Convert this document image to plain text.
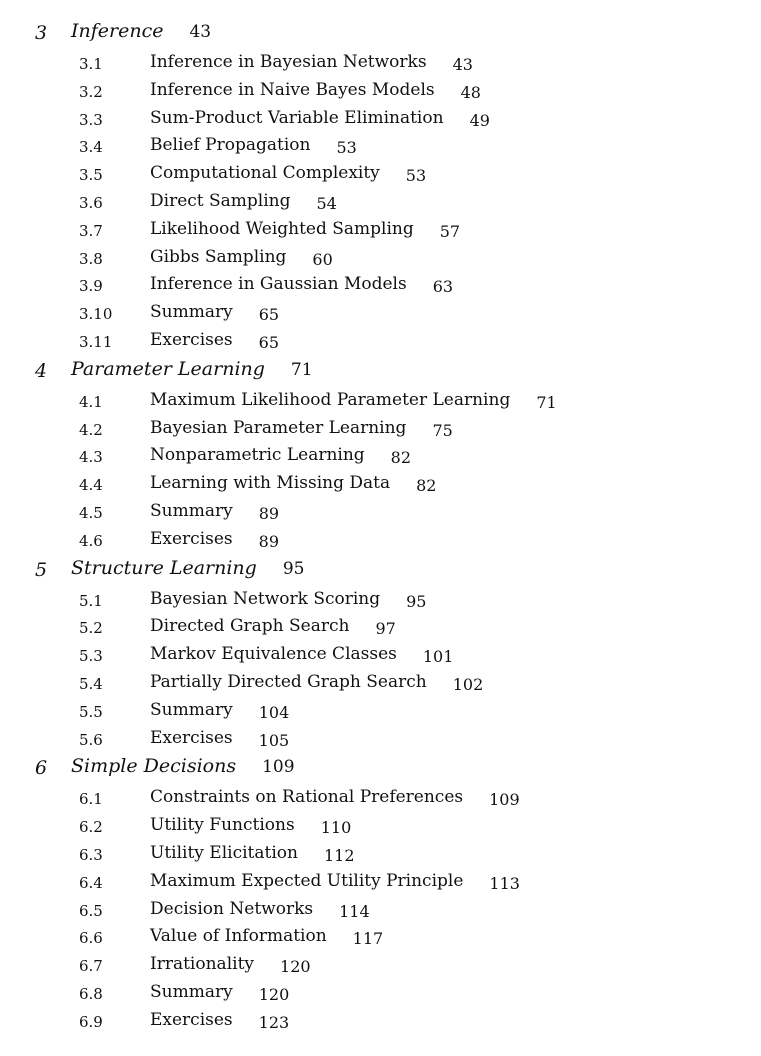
3 Inference 43
3.1	Inference in Bayesian Networks 43
3.2	Inference in Naive Bayes Models 48
3.3	Sum-Product Variable Elimination 49
3.4	Belief Propagation 53
3.5	Computational Complexity 53
3.6	Direct Sampling 54
3.7	Likelihood Weighted Sampling 57
3.8	Gibbs Sampling 60
3.9	Inference in Gaussian Models 63
3.10 Summary 65
3.11 Exercises 65
4 Parameter Learning 71
4.1	Maximum Likelihood Parameter Learning 71
4.2	Bayesian Parameter Learning 75
4.3	Nonparametric Learning 82
4.4	Learning with Missing Data 82
4.5	Summary 89
4.6	Exercises 89
5 Structure Learning 95
5.1	Bayesian Network Scoring 95
5.2	Directed Graph Search 97
5.3	Markov Equivalence Classes 101
5.4	Partially Directed Graph Search 102
5.5	Summary 104
5.6	Exercises 105
6 Simple Decisions 109
6.1	Constraints on Rational Preferences 109
6.2	Utility Functions 110
6.3	Utility Elicitation 112
6.4	Maximum Expected Utility Principle 113
6.5	Decision Networks 114
6.6	Value of Information 117
6.7	Irrationality 120
6.8	Summary 120
6.9	Exercises 123
